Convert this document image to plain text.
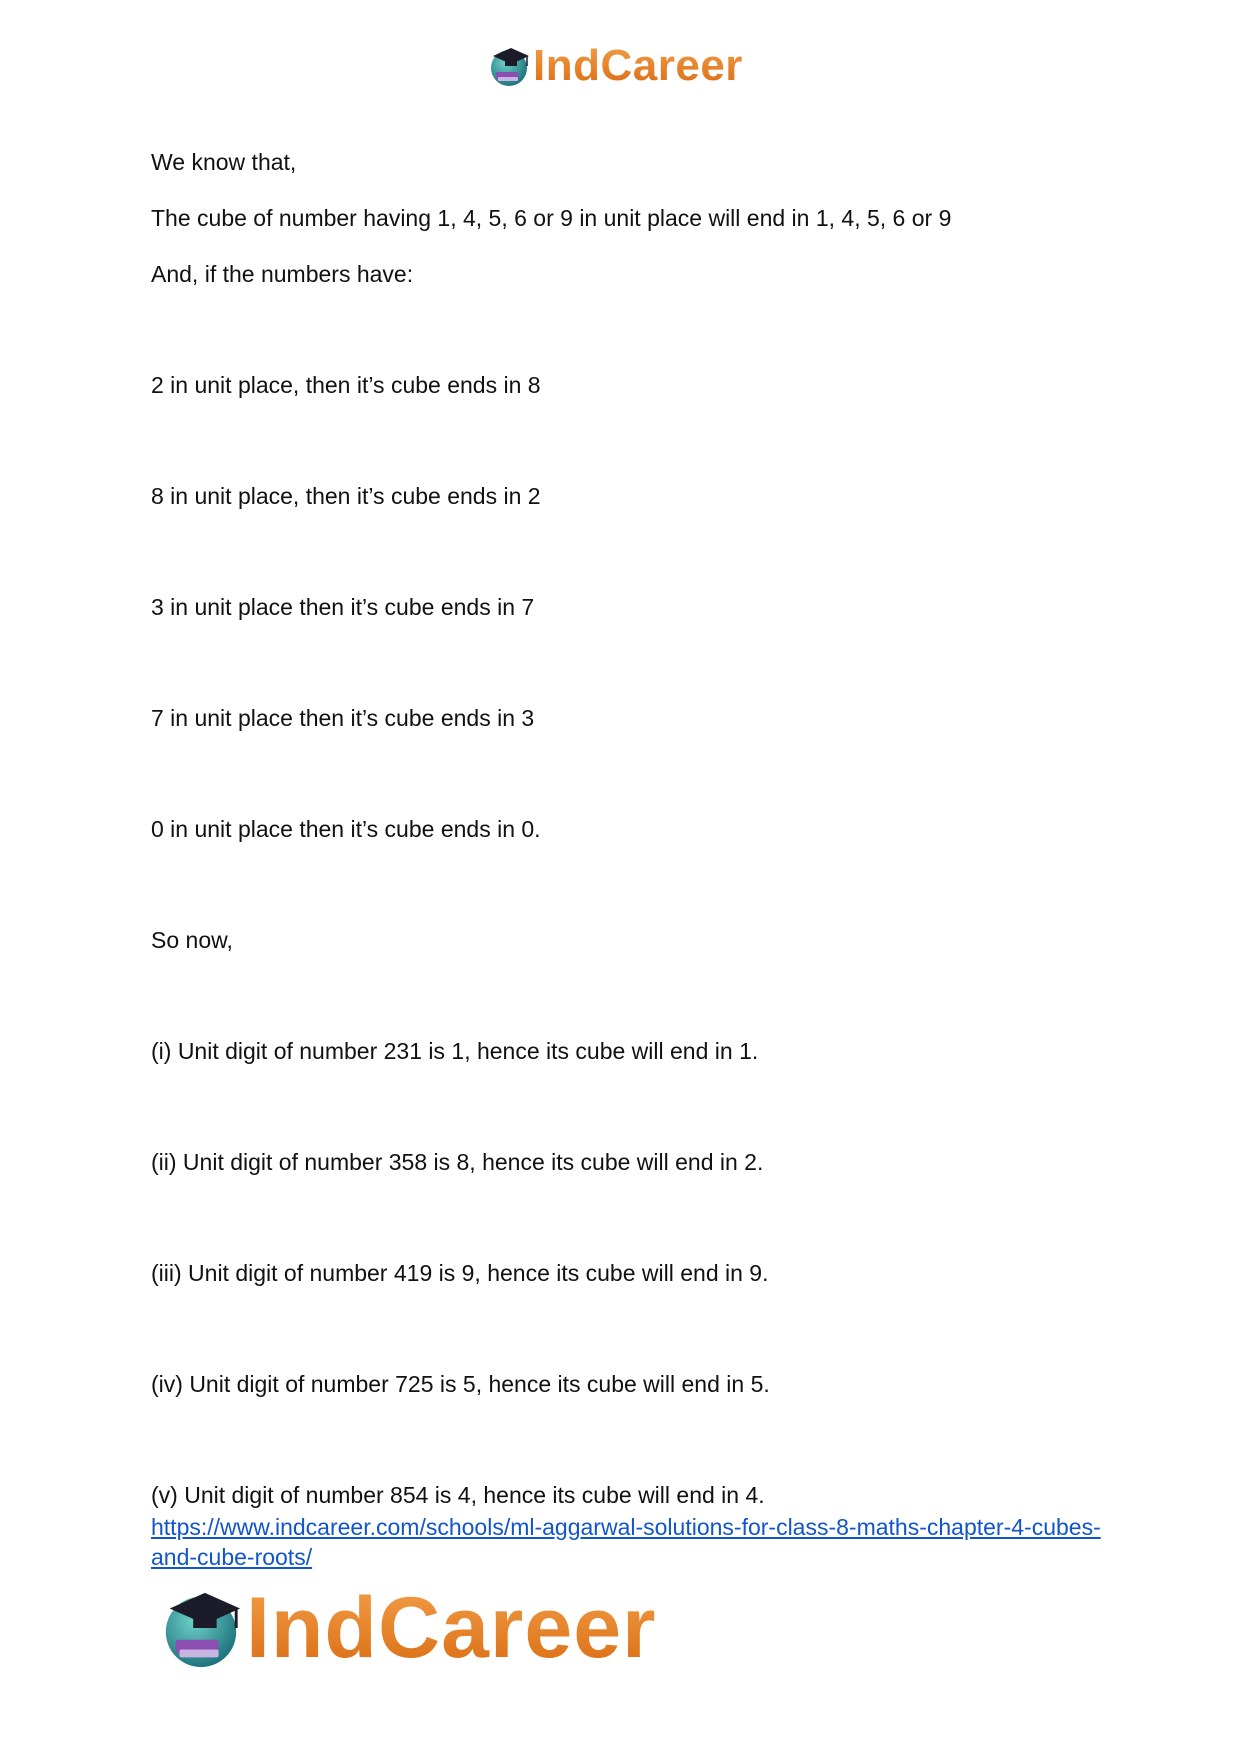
IndCareer
We know that,
The cube of number having 1, 4, 5, 6 or 9 in unit place will end in 1, 4, 5, 6 or 9
And, if the numbers have:
2 in unit place, then it’s cube ends in 8
8 in unit place, then it’s cube ends in 2
3 in unit place then it’s cube ends in 7
7 in unit place then it’s cube ends in 3
0 in unit place then it’s cube ends in 0.
So now,
(i) Unit digit of number 231 is 1, hence its cube will end in 1.
(ii) Unit digit of number 358 is 8, hence its cube will end in 2.
(iii) Unit digit of number 419 is 9, hence its cube will end in 9.
(iv) Unit digit of number 725 is 5, hence its cube will end in 5.
(v) Unit digit of number 854 is 4, hence its cube will end in 4.
https://www.indcareer.com/schools/ml-aggarwal-solutions-for-class-8-maths-chapter-4-cubes-and-cube-roots/
IndCareer
